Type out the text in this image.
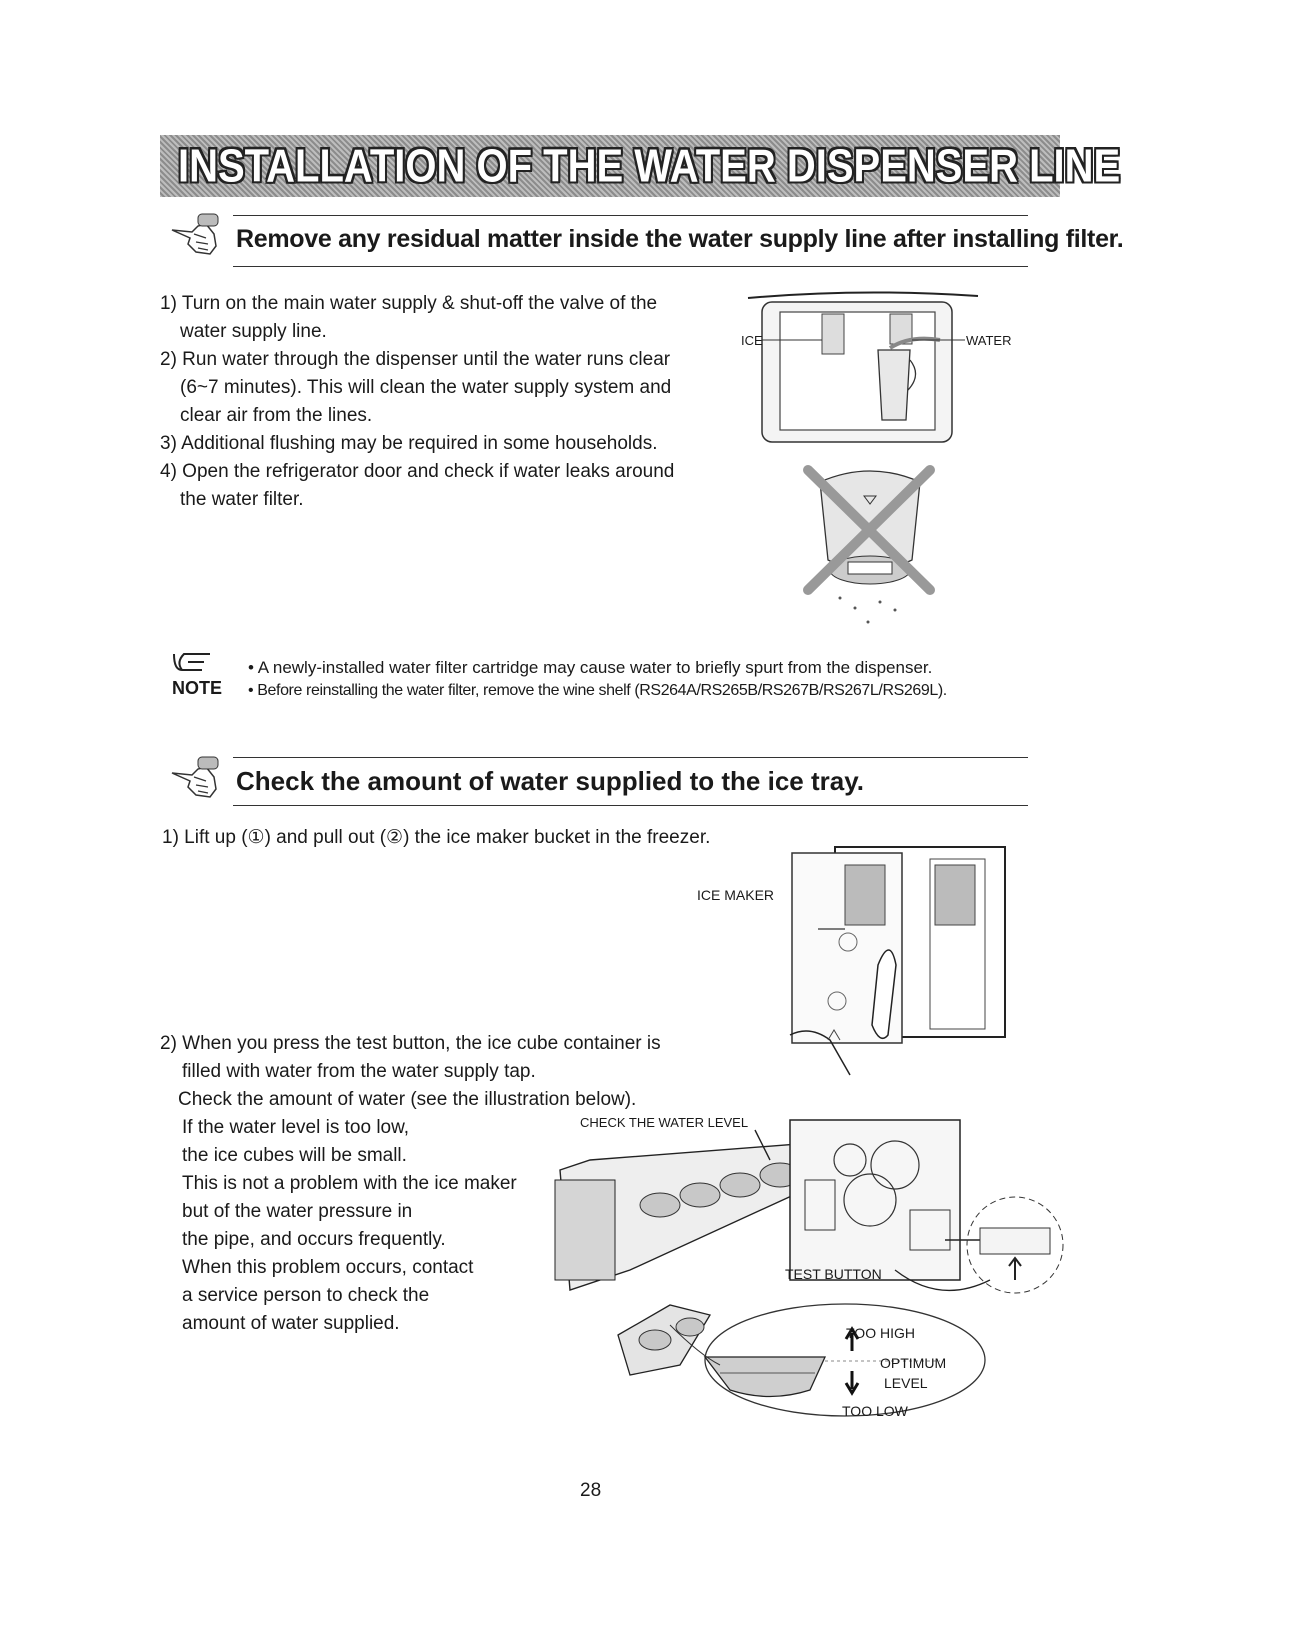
INSTALLATION OF THE WATER DISPENSER LINE
Remove any residual matter inside the water supply line after installing filter.
1) Turn on the main water supply & shut-off the valve of the
water supply line.
2) Run water through the dispenser until the water runs clear
(6~7 minutes). This will clean the water supply system and
clear air from the lines.
3) Additional flushing may be required in some households.
4) Open the refrigerator door and check if water leaks around
the water filter.
ICE	WATER
NOTE
• A newly-installed water filter cartridge may cause water to briefly spurt from the dispenser.
• Before reinstalling the water filter, remove the wine shelf (RS264A/RS265B/RS267B/RS267L/RS269L).
Check the amount of water supplied to the ice tray.
1) Lift up (①) and pull out (②) the ice maker bucket in the freezer.
2) When you press the test button, the ice cube container is
filled with water from the water supply tap.
Check the amount of water (see the illustration below).
If the water level is too low,
the ice cubes will be small.
This is not a problem with the ice maker
but of the water pressure in
the pipe, and occurs frequently.
When this problem occurs, contact
a service person to check the
amount of water supplied.
ICE MAKER
CHECK THE WATER LEVEL
TEST BUTTON
TOO HIGH
OPTIMUM
LEVEL
TOO LOW
28
